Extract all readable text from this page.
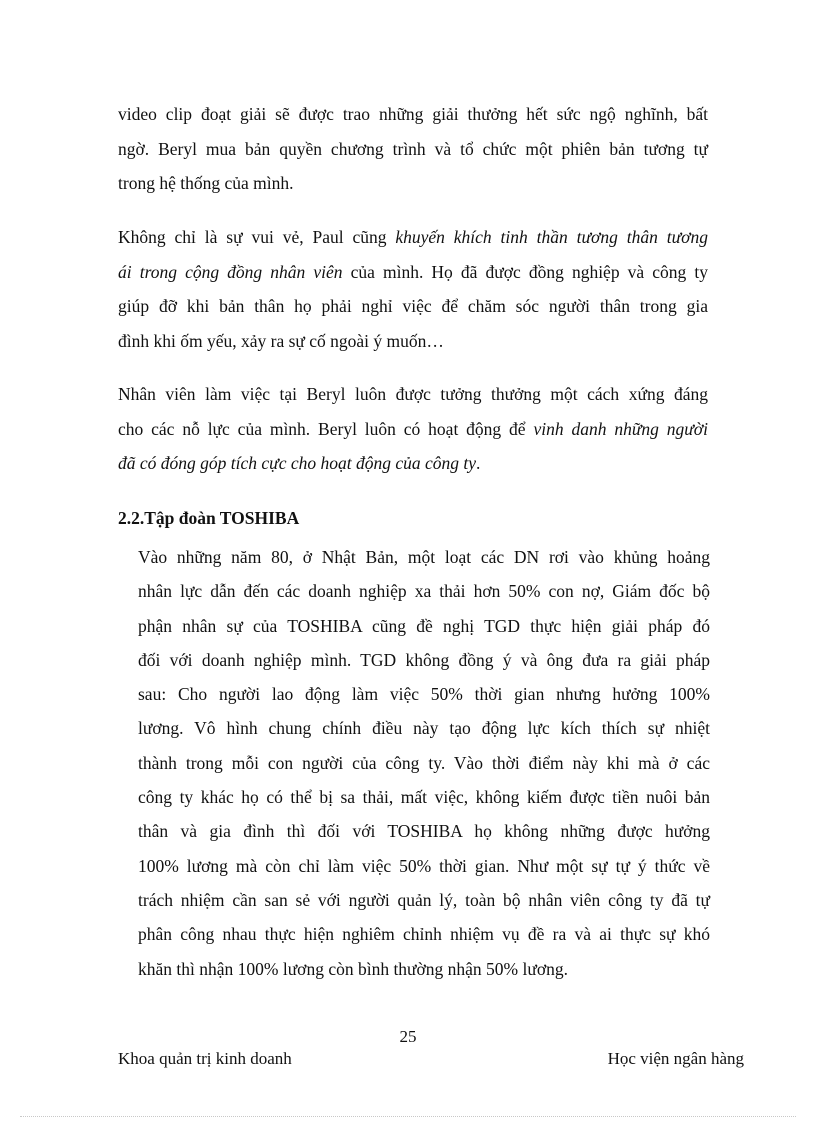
video clip đoạt giải sẽ được trao những giải thưởng hết sức ngộ nghĩnh, bất
ngờ. Beryl mua bản quyền chương trình và tổ chức một phiên bản tương tự
trong hệ thống của mình.
Không chỉ là sự vui vẻ, Paul cũng khuyến khích tinh thần tương thân tương
ái trong cộng đồng nhân viên của mình. Họ đã được đồng nghiệp và công ty
giúp đỡ khi bản thân họ phải nghỉ việc để chăm sóc người thân trong gia
đình khi ốm yếu, xảy ra sự cố ngoài ý muốn…
Nhân viên làm việc tại Beryl luôn được tưởng thưởng một cách xứng đáng
cho các nỗ lực của mình. Beryl luôn có hoạt động để vinh danh những người
đã có đóng góp tích cực cho hoạt động của công ty.
2.2.Tập đoàn TOSHIBA
Vào những năm 80, ở Nhật Bản, một loạt các DN rơi vào khủng hoảng
nhân lực dẫn đến các doanh nghiệp xa thải hơn 50% con nợ, Giám đốc bộ
phận nhân sự của TOSHIBA cũng đề nghị TGD thực hiện giải pháp đó
đối với doanh nghiệp mình. TGD không đồng ý và ông đưa ra giải pháp
sau: Cho người lao động làm việc 50% thời gian nhưng hưởng 100%
lương. Vô hình chung chính điều này tạo động lực kích thích sự nhiệt
thành trong mỗi con người của công ty. Vào thời điểm này khi mà ở các
công ty khác họ có thể bị sa thải, mất việc, không kiếm được tiền nuôi bản
thân và gia đình thì đối với TOSHIBA họ không những được hưởng
100% lương mà còn chỉ làm việc 50% thời gian. Như một sự tự ý thức về
trách nhiệm cần san sẻ với người quản lý, toàn bộ nhân viên công ty đã tự
phân công nhau thực hiện nghiêm chỉnh nhiệm vụ đề ra và ai thực sự khó
khăn thì nhận 100% lương còn bình thường nhận 50% lương.
25
Khoa quản trị kinh doanh	Học viện ngân hàng
